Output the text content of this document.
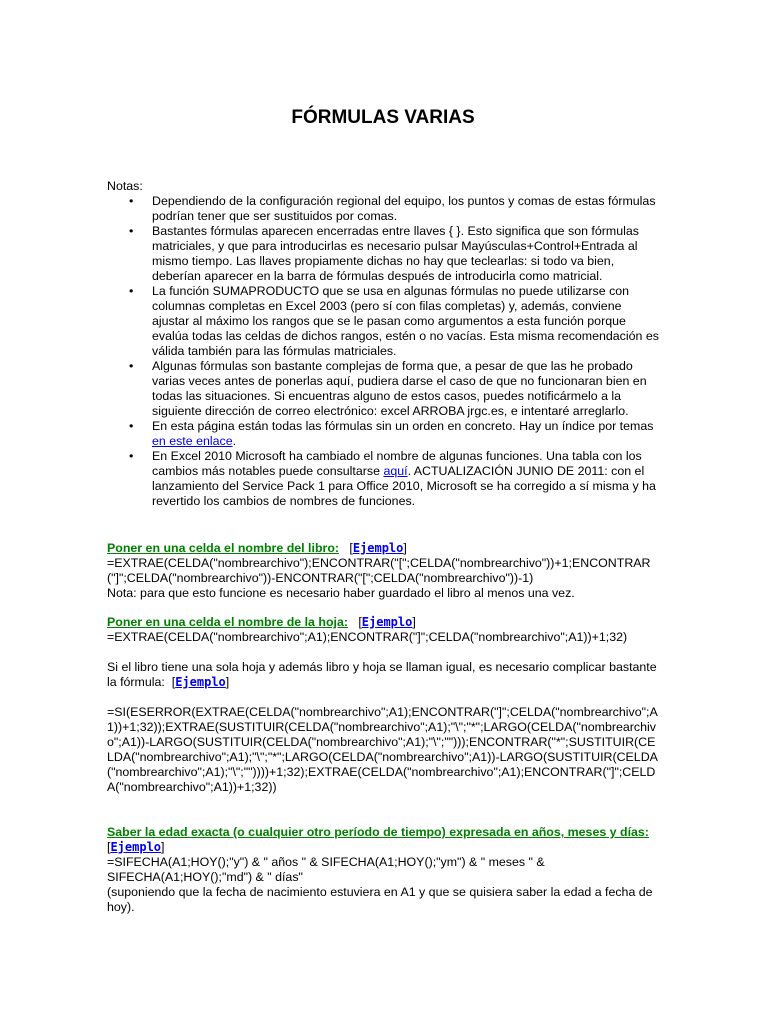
FÓRMULAS VARIAS
Notas:
• Dependiendo de la configuración regional del equipo, los puntos y comas de estas fórmulas podrían tener que ser sustituidos por comas.
• Bastantes fórmulas aparecen encerradas entre llaves { }. Esto significa que son fórmulas matriciales, y que para introducirlas es necesario pulsar Mayúsculas+Control+Entrada al mismo tiempo. Las llaves propiamente dichas no hay que teclearlas: si todo va bien, deberían aparecer en la barra de fórmulas después de introducirla como matricial.
• La función SUMAPRODUCTO que se usa en algunas fórmulas no puede utilizarse con columnas completas en Excel 2003 (pero sí con filas completas) y, además, conviene ajustar al máximo los rangos que se le pasan como argumentos a esta función porque evalúa todas las celdas de dichos rangos, estén o no vacías. Esta misma recomendación es válida también para las fórmulas matriciales.
• Algunas fórmulas son bastante complejas de forma que, a pesar de que las he probado varias veces antes de ponerlas aquí, pudiera darse el caso de que no funcionaran bien en todas las situaciones. Si encuentras alguno de estos casos, puedes notificármelo a la siguiente dirección de correo electrónico: excel ARROBA jrgc.es, e intentaré arreglarlo.
• En esta página están todas las fórmulas sin un orden en concreto. Hay un índice por temas en este enlace.
• En Excel 2010 Microsoft ha cambiado el nombre de algunas funciones. Una tabla con los cambios más notables puede consultarse aquí. ACTUALIZACIÓN JUNIO DE 2011: con el lanzamiento del Service Pack 1 para Office 2010, Microsoft se ha corregido a sí misma y ha revertido los cambios de nombres de funciones.
Poner en una celda el nombre del libro: [Ejemplo]
=EXTRAE(CELDA("nombrearchivo");ENCONTRAR("[";CELDA("nombrearchivo"))+1;ENCONTRAR("]";CELDA("nombrearchivo"))-ENCONTRAR("[";CELDA("nombrearchivo"))-1)
Nota: para que esto funcione es necesario haber guardado el libro al menos una vez.
Poner en una celda el nombre de la hoja: [Ejemplo]
=EXTRAE(CELDA("nombrearchivo";A1);ENCONTRAR("]";CELDA("nombrearchivo";A1))+1;32)
Si el libro tiene una sola hoja y además libro y hoja se llaman igual, es necesario complicar bastante la fórmula: [Ejemplo]
=SI(ESERROR(EXTRAE(CELDA("nombrearchivo";A1);ENCONTRAR("]";CELDA("nombrearchivo";A1))+1;32));EXTRAE(SUSTITUIR(CELDA("nombrearchivo";A1);"\";"*";LARGO(CELDA("nombrearchivo";A1))-LARGO(SUSTITUIR(CELDA("nombrearchivo";A1);"\";"")));ENCONTRAR("*";SUSTITUIR(CELDA("nombrearchivo";A1);"\";"*";LARGO(CELDA("nombrearchivo";A1))-LARGO(SUSTITUIR(CELDA("nombrearchivo";A1);"\";""))))+1;32);EXTRAE(CELDA("nombrearchivo";A1);ENCONTRAR("]";CELDA("nombrearchivo";A1))+1;32))
Saber la edad exacta (o cualquier otro período de tiempo) expresada en años, meses y días:   [Ejemplo]
=SIFECHA(A1;HOY();"y") & " años " & SIFECHA(A1;HOY();"ym") & " meses " & SIFECHA(A1;HOY();"md") & " días"
(suponiendo que la fecha de nacimiento estuviera en A1 y que se quisiera saber la edad a fecha de hoy).
